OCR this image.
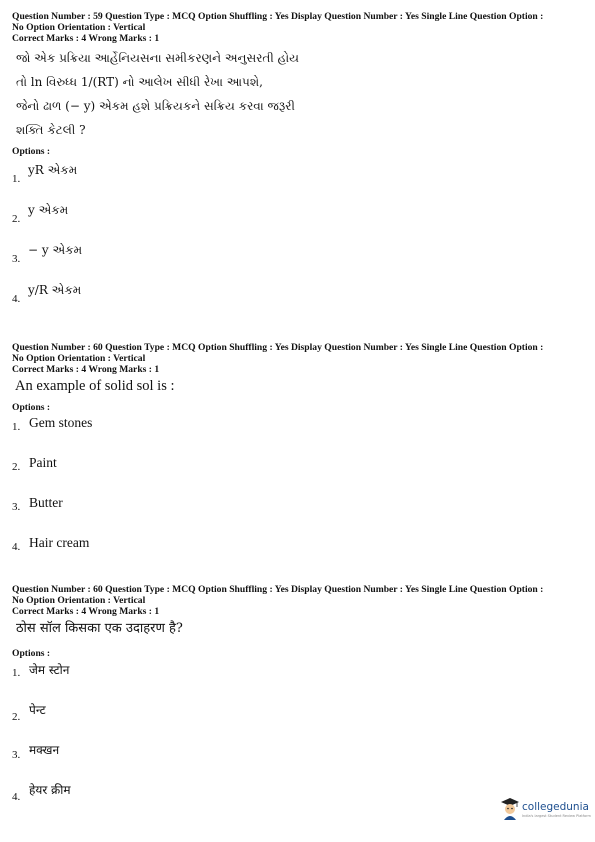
Question Number : 59 Question Type : MCQ Option Shuffling : Yes Display Question Number : Yes Single Line Question Option :
No Option Orientation : Vertical
Correct Marks : 4 Wrong Marks : 1
જો એક પ્રક્રિયા આર્હેનિયસના સમીકરણને અનુસરતી હોય
તો ln વિરુધ્ધ 1/(RT) નો આલેખ સીધી રેખા આપશે,
જેનો ઢાળ (− y) એકમ હશે પ્રક્રિયકને સક્રિય કરવા જરૂરી
શક્તિ કેટલી ?
Options :
1.
yR એકમ
2.
y એકમ
3.
− y એકમ
4.
y/R એકમ
Question Number : 60 Question Type : MCQ Option Shuffling : Yes Display Question Number : Yes Single Line Question Option :
No Option Orientation : Vertical
Correct Marks : 4 Wrong Marks : 1
An example of solid sol is :
Options :
1. Gem stones
2. Paint
3. Butter
4. Hair cream
Question Number : 60 Question Type : MCQ Option Shuffling : Yes Display Question Number : Yes Single Line Question Option :
No Option Orientation : Vertical
Correct Marks : 4 Wrong Marks : 1
ठोस सॉल किसका एक उदाहरण है?
Options :
1. जेम स्टोन
2. पेन्ट
3. मक्खन
4. हेयर क्रीम
collegedunia
India's largest Student Review Platform
